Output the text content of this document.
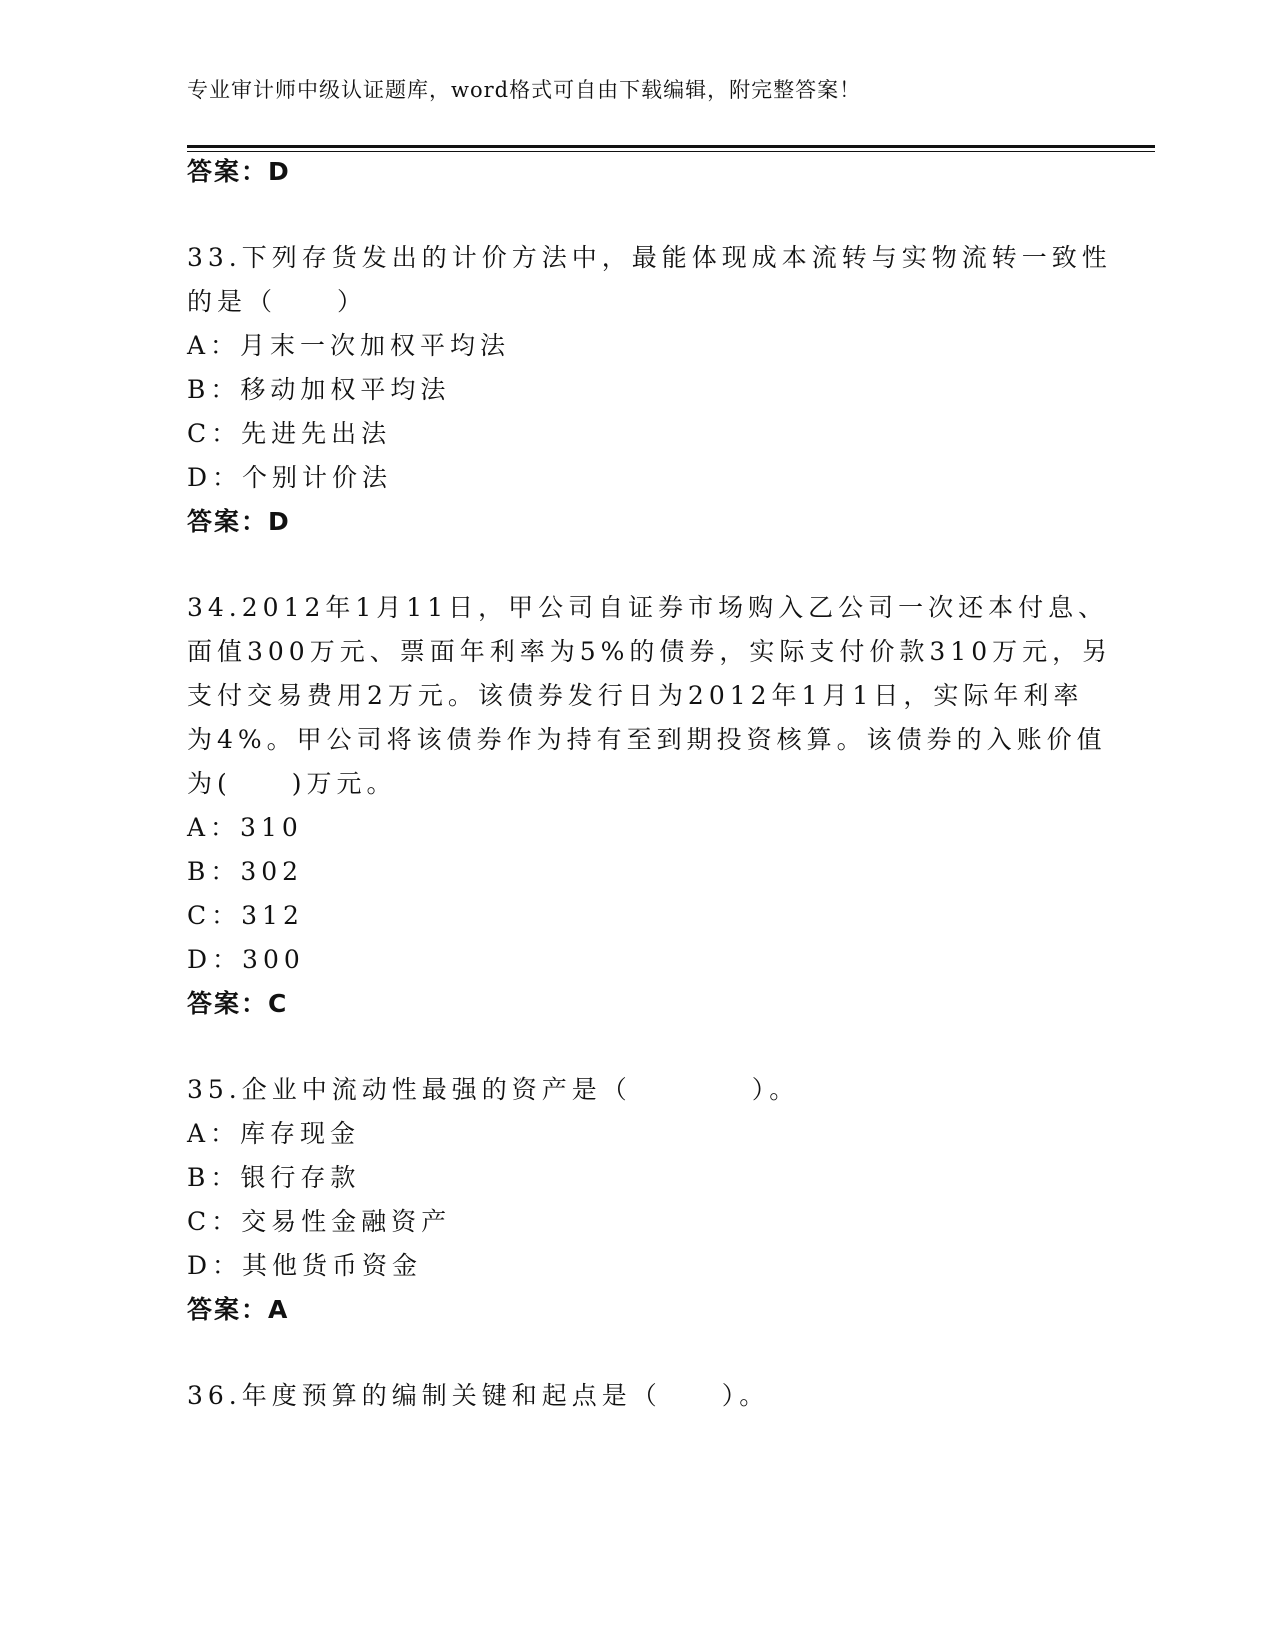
专业审计师中级认证题库，word格式可自由下载编辑，附完整答案！
答案：D
33.下列存货发出的计价方法中，最能体现成本流转与实物流转一致性
的是（　　）
A：月末一次加权平均法
B：移动加权平均法
C：先进先出法
D：个别计价法
答案：D
34.2012年1月11日，甲公司自证券市场购入乙公司一次还本付息、
面值300万元、票面年利率为5%的债券，实际支付价款310万元，另
支付交易费用2万元。该债券发行日为2012年1月1日，实际年利率
为4%。甲公司将该债券作为持有至到期投资核算。该债券的入账价值
为(　　)万元。
A：310
B：302
C：312
D：300
答案：C
35.企业中流动性最强的资产是（　　　　）。
A：库存现金
B：银行存款
C：交易性金融资产
D：其他货币资金
答案：A
36.年度预算的编制关键和起点是（　　）。
